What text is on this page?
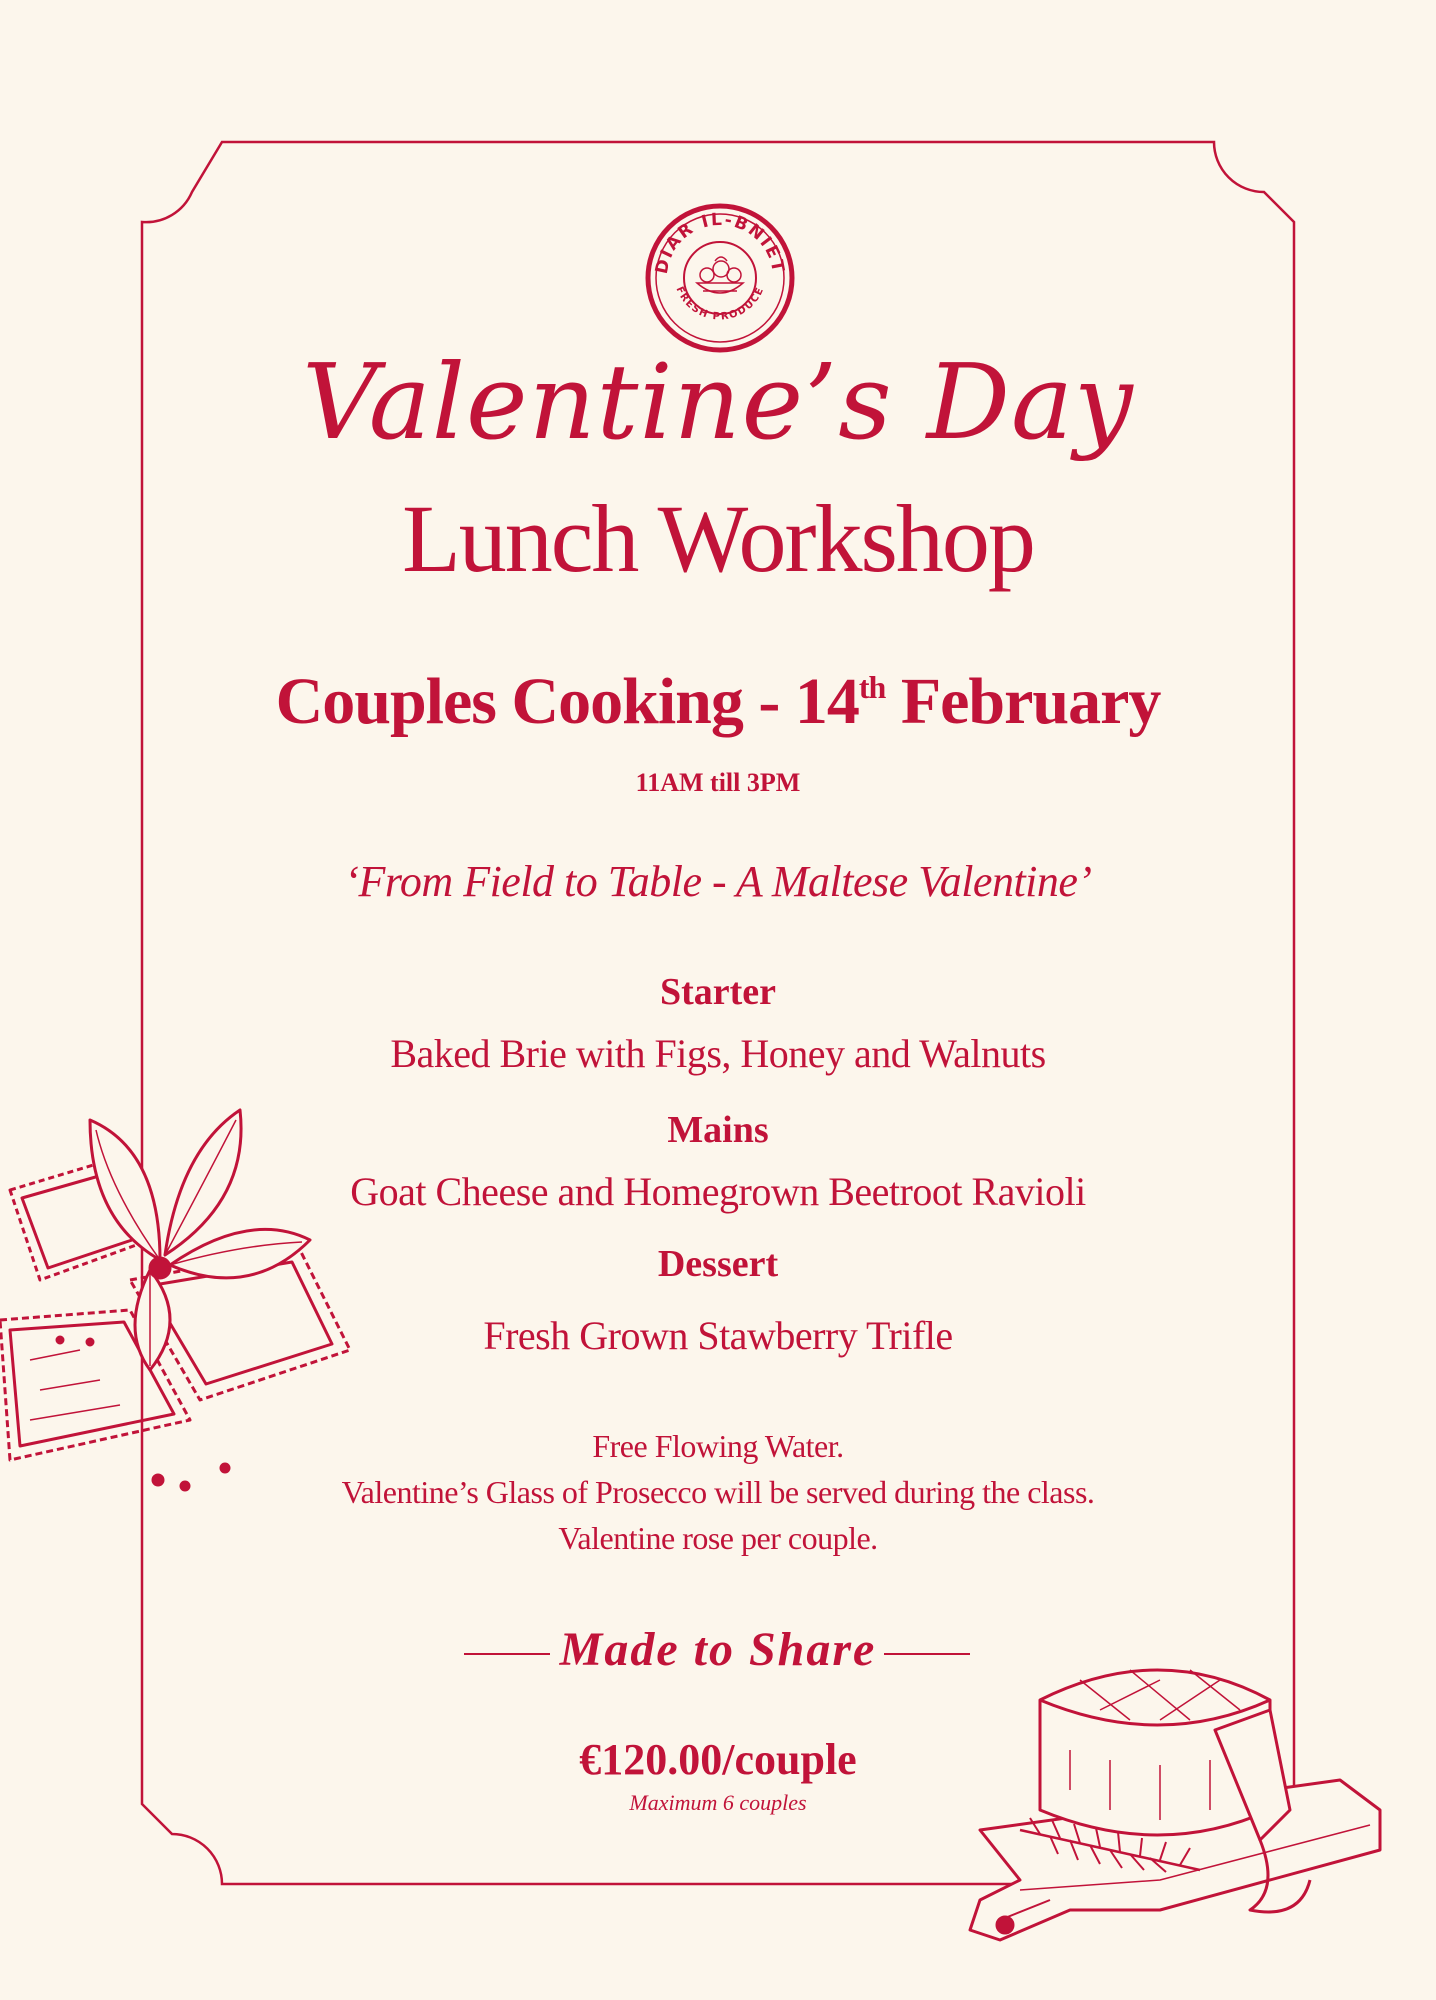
DIAR IL-BNIET
FRESH PRODUCE
Valentine’s Day
Lunch Workshop
Couples Cooking - 14th February
11AM till 3PM
‘From Field to Table - A Maltese Valentine’
Starter
Baked Brie with Figs, Honey and Walnuts
Mains
Goat Cheese and Homegrown Beetroot Ravioli
Dessert
Fresh Grown Stawberry Trifle
Free Flowing Water.
Valentine’s Glass of Prosecco will be served during the class.
Valentine rose per couple.
Made to Share
€120.00/couple
Maximum 6 couples
